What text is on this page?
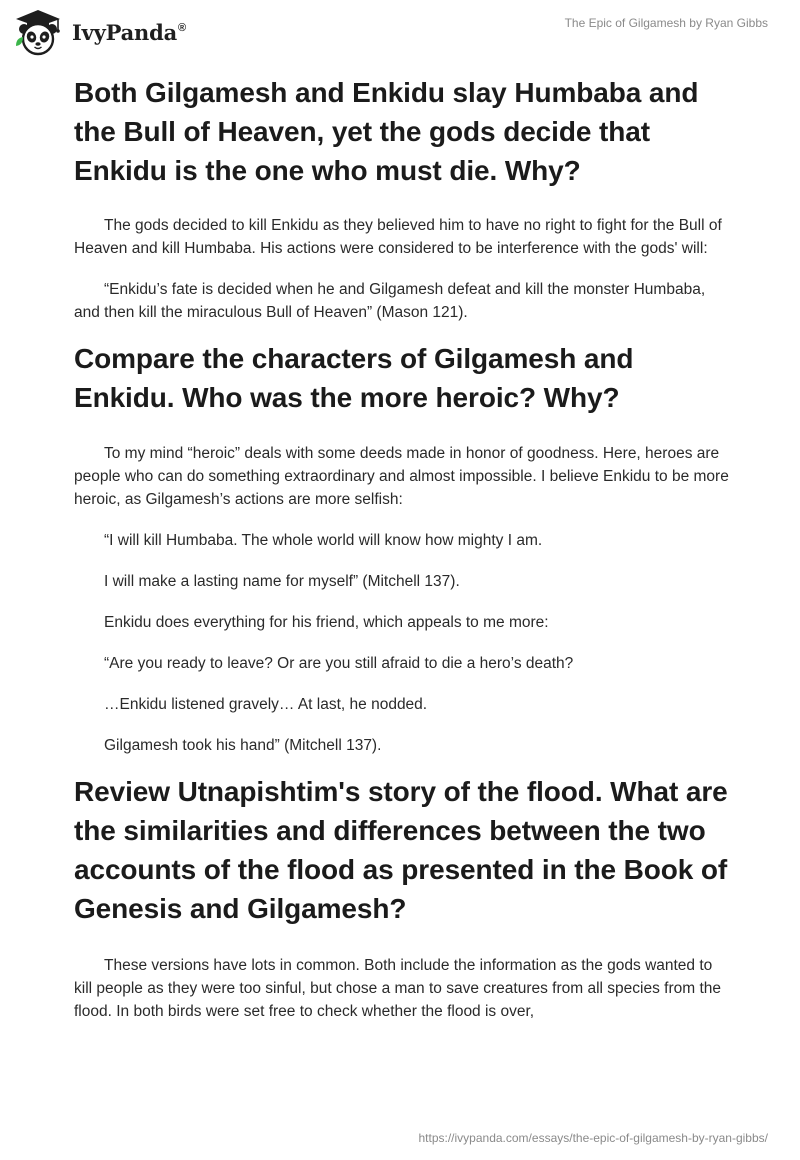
IvyPanda®	The Epic of Gilgamesh by Ryan Gibbs
Both Gilgamesh and Enkidu slay Humbaba and the Bull of Heaven, yet the gods decide that Enkidu is the one who must die. Why?

The gods decided to kill Enkidu as they believed him to have no right to fight for the Bull of Heaven and kill Humbaba. His actions were considered to be interference with the gods' will:

“Enkidu’s fate is decided when he and Gilgamesh defeat and kill the monster Humbaba, and then kill the miraculous Bull of Heaven” (Mason 121).

Compare the characters of Gilgamesh and Enkidu. Who was the more heroic? Why?

To my mind “heroic” deals with some deeds made in honor of goodness. Here, heroes are people who can do something extraordinary and almost impossible. I believe Enkidu to be more heroic, as Gilgamesh’s actions are more selfish:

“I will kill Humbaba. The whole world will know how mighty I am.

I will make a lasting name for myself” (Mitchell 137).

Enkidu does everything for his friend, which appeals to me more:

“Are you ready to leave? Or are you still afraid to die a hero’s death?

…Enkidu listened gravely… At last, he nodded.

Gilgamesh took his hand” (Mitchell 137).

Review Utnapishtim's story of the flood. What are the similarities and differences between the two accounts of the flood as presented in the Book of Genesis and Gilgamesh?

These versions have lots in common. Both include the information as the gods wanted to kill people as they were too sinful, but chose a man to save creatures from all species from the flood. In both birds were set free to check whether the flood is over,

https://ivypanda.com/essays/the-epic-of-gilgamesh-by-ryan-gibbs/
